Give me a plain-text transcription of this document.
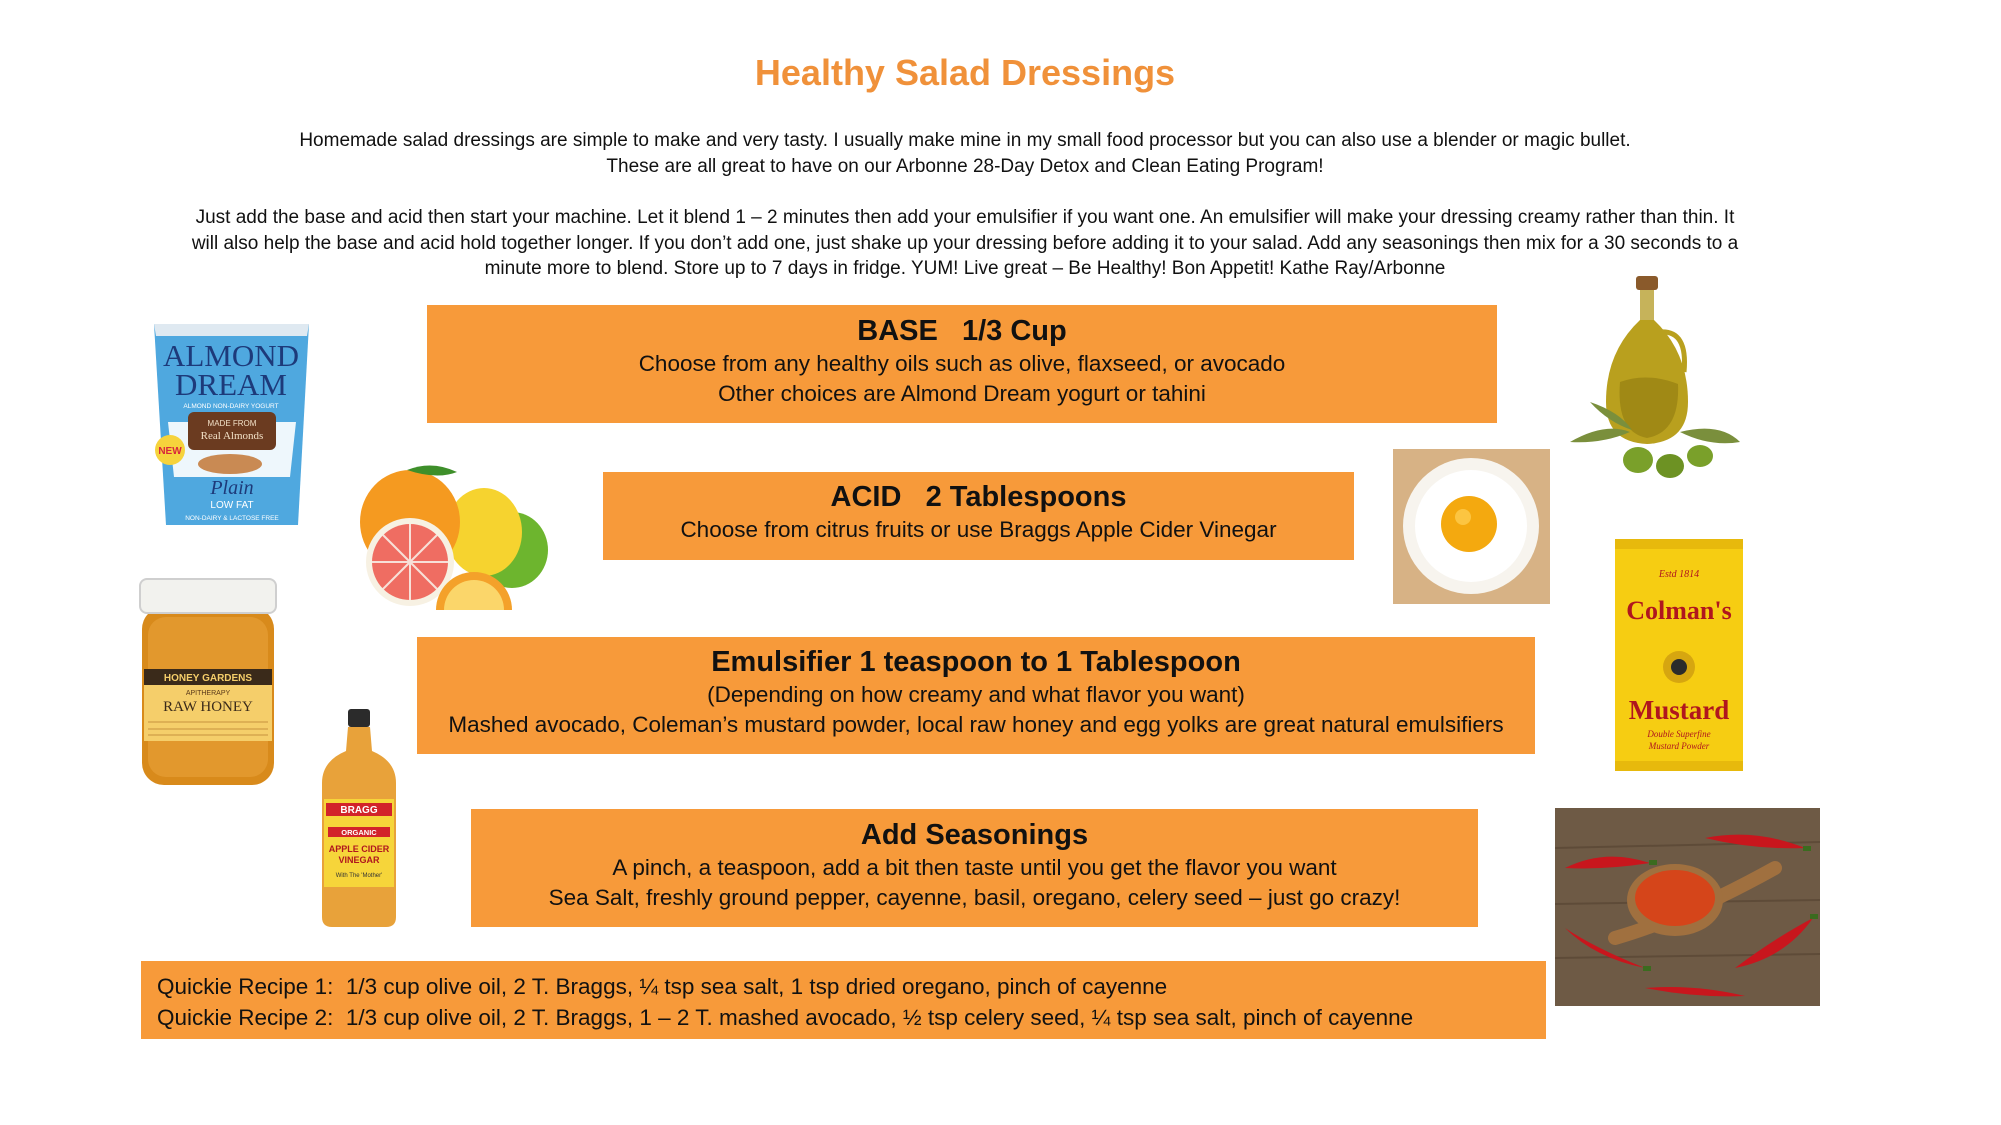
Healthy Salad Dressings
Homemade salad dressings are simple to make and very tasty. I usually make mine in my small food processor but you can also use a blender or magic bullet.
These are all great to have on our Arbonne 28-Day Detox and Clean Eating Program!
Just add the base and acid then start your machine. Let it blend 1 – 2 minutes then add your emulsifier if you want one. An emulsifier will make your dressing creamy rather than thin. It
will also help the base and acid hold together longer. If you don’t add one, just shake up your dressing before adding it to your salad. Add any seasonings then mix for a 30 seconds to a
minute more to blend. Store up to 7 days in fridge. YUM! Live great – Be Healthy! Bon Appetit! Kathe Ray/Arbonne
BASE   1/3 Cup
Choose from any healthy oils such as olive, flaxseed, or avocado
Other choices are Almond Dream yogurt or tahini
ACID   2 Tablespoons
Choose from citrus fruits or use Braggs Apple Cider Vinegar
Emulsifier 1 teaspoon to 1 Tablespoon
(Depending on how creamy and what flavor you want)
Mashed avocado, Coleman’s mustard powder, local raw honey and egg yolks are great natural emulsifiers
Add Seasonings
A pinch, a teaspoon, add a bit then taste until you get the flavor you want
Sea Salt, freshly ground pepper, cayenne, basil, oregano, celery seed – just go crazy!
Quickie Recipe 1:  1/3 cup olive oil, 2 T. Braggs, ¼ tsp sea salt, 1 tsp dried oregano, pinch of cayenne
Quickie Recipe 2:  1/3 cup olive oil, 2 T. Braggs, 1 – 2 T. mashed avocado, ½ tsp celery seed, ¼ tsp sea salt, pinch of cayenne
ALMOND
DREAM
ALMOND NON-DAIRY YOGURT
MADE FROM
Real Almonds
NEW
Plain
LOW FAT
NON-DAIRY & LACTOSE FREE
HONEY GARDENS
APITHERAPY
RAW HONEY
BRAGG
ORGANIC
APPLE CIDER
VINEGAR
With The 'Mother'
Estd 1814
Colman's
Mustard
Double Superfine
Mustard Powder
